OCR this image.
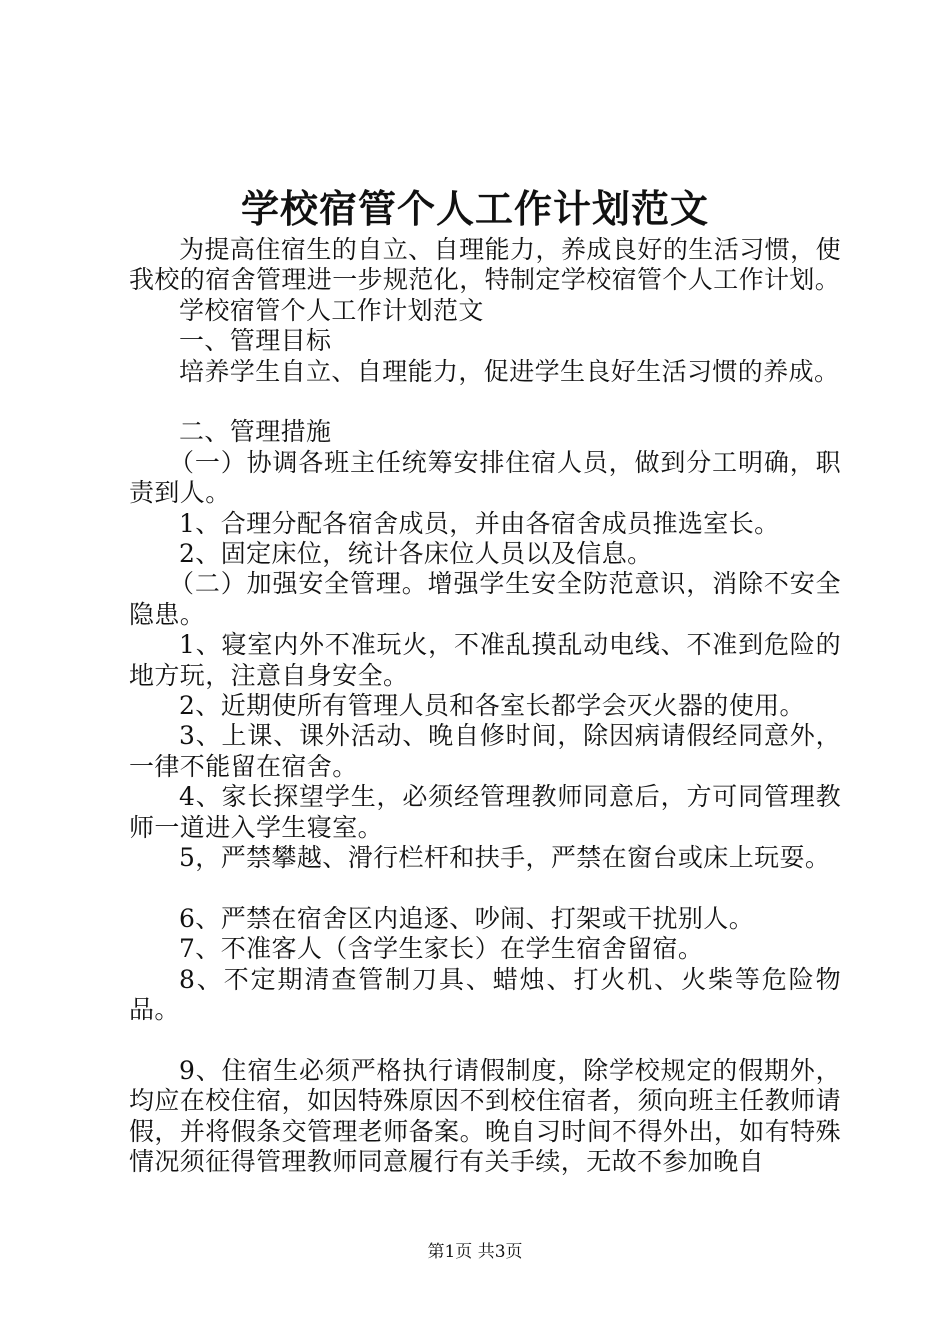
学校宿管个人工作计划范文

为提高住宿生的自立、自理能力，养成良好的生活习惯，使我校的宿舍管理进一步规范化，特制定学校宿管个人工作计划。

学校宿管个人工作计划范文

一、管理目标

培养学生自立、自理能力，促进学生良好生活习惯的养成。

二、管理措施

（一）协调各班主任统筹安排住宿人员，做到分工明确，职责到人。

1、合理分配各宿舍成员，并由各宿舍成员推选室长。

2、固定床位，统计各床位人员以及信息。

（二）加强安全管理。增强学生安全防范意识，消除不安全隐患。

1、寝室内外不准玩火，不准乱摸乱动电线、不准到危险的地方玩，注意自身安全。

2、近期使所有管理人员和各室长都学会灭火器的使用。

3、上课、课外活动、晚自修时间，除因病请假经同意外，一律不能留在宿舍。

4、家长探望学生，必须经管理教师同意后，方可同管理教师一道进入学生寝室。

5，严禁攀越、滑行栏杆和扶手，严禁在窗台或床上玩耍。

6、严禁在宿舍区内追逐、吵闹、打架或干扰别人。

7、不准客人（含学生家长）在学生宿舍留宿。

8、不定期清查管制刀具、蜡烛、打火机、火柴等危险物品。

9、住宿生必须严格执行请假制度，除学校规定的假期外，均应在校住宿，如因特殊原因不到校住宿者，须向班主任教师请假，并将假条交管理老师备案。晚自习时间不得外出，如有特殊情况须征得管理教师同意履行有关手续，无故不参加晚自

第1页 共3页
